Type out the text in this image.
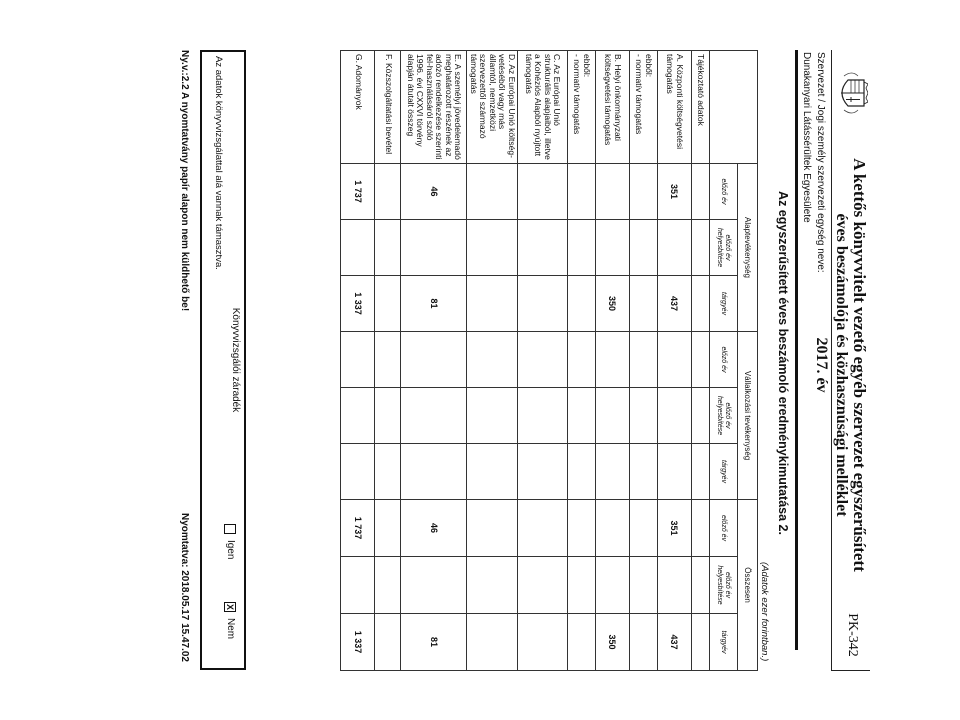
A kettős könyvvitelt vezető egyéb szervezet egyszerűsített
éves beszámolója és közhasznúsági melléklet
2017. év
PK-342
Szervezet / Jogi személy szervezeti egység neve:
Dunakanyari Látássérültek Egyesülete
Az egyszerűsített éves beszámoló eredménykimutatása 2.
(Adatok ezer forintban.)
	Alaptevékenység			Vállalkozási tevékenység			Összesen		
	előző év	előző év helyesbítése	tárgyév	előző év	előző év helyesbítése	tárgyév	előző év	előző év helyesbítése	tárgyév
Tájékoztató adatok									
A. Központi költségvetési támogatás	351		437				351		437
ebből:
- normatív támogatás									
B. Helyi önkormányzati költségvetési támogatás			350						350
ebből:
- normatív támogatás									
C. Az Európai Unió strukturális alapjaiból, illetve a Kohéziós Alapból nyújtott támogatás									
D. Az Európai Unió költség-vetéséből vagy más államtól, nemzetközi szervezettől származó támogatás									
E. A személyi jövedelemadó meghatározott részének az adózó rendelkezése szerinti fel-használásáról szóló 1996. évi CXXVI törvény alapján átutalt összeg	46		81				46		81
F. Közszolgáltatási bevétel									
G. Adományok	1 737		1 337				1 737		1 337
Könyvvizsgálói záradék
Az adatok könyvvizsgálattal alá vannak támasztva.
Igen
X
Nem
Ny.v.:2.2 A nyomtatvány papír alapon nem küldhető be!
Nyomtatva: 2018.05.17 15.47.02
